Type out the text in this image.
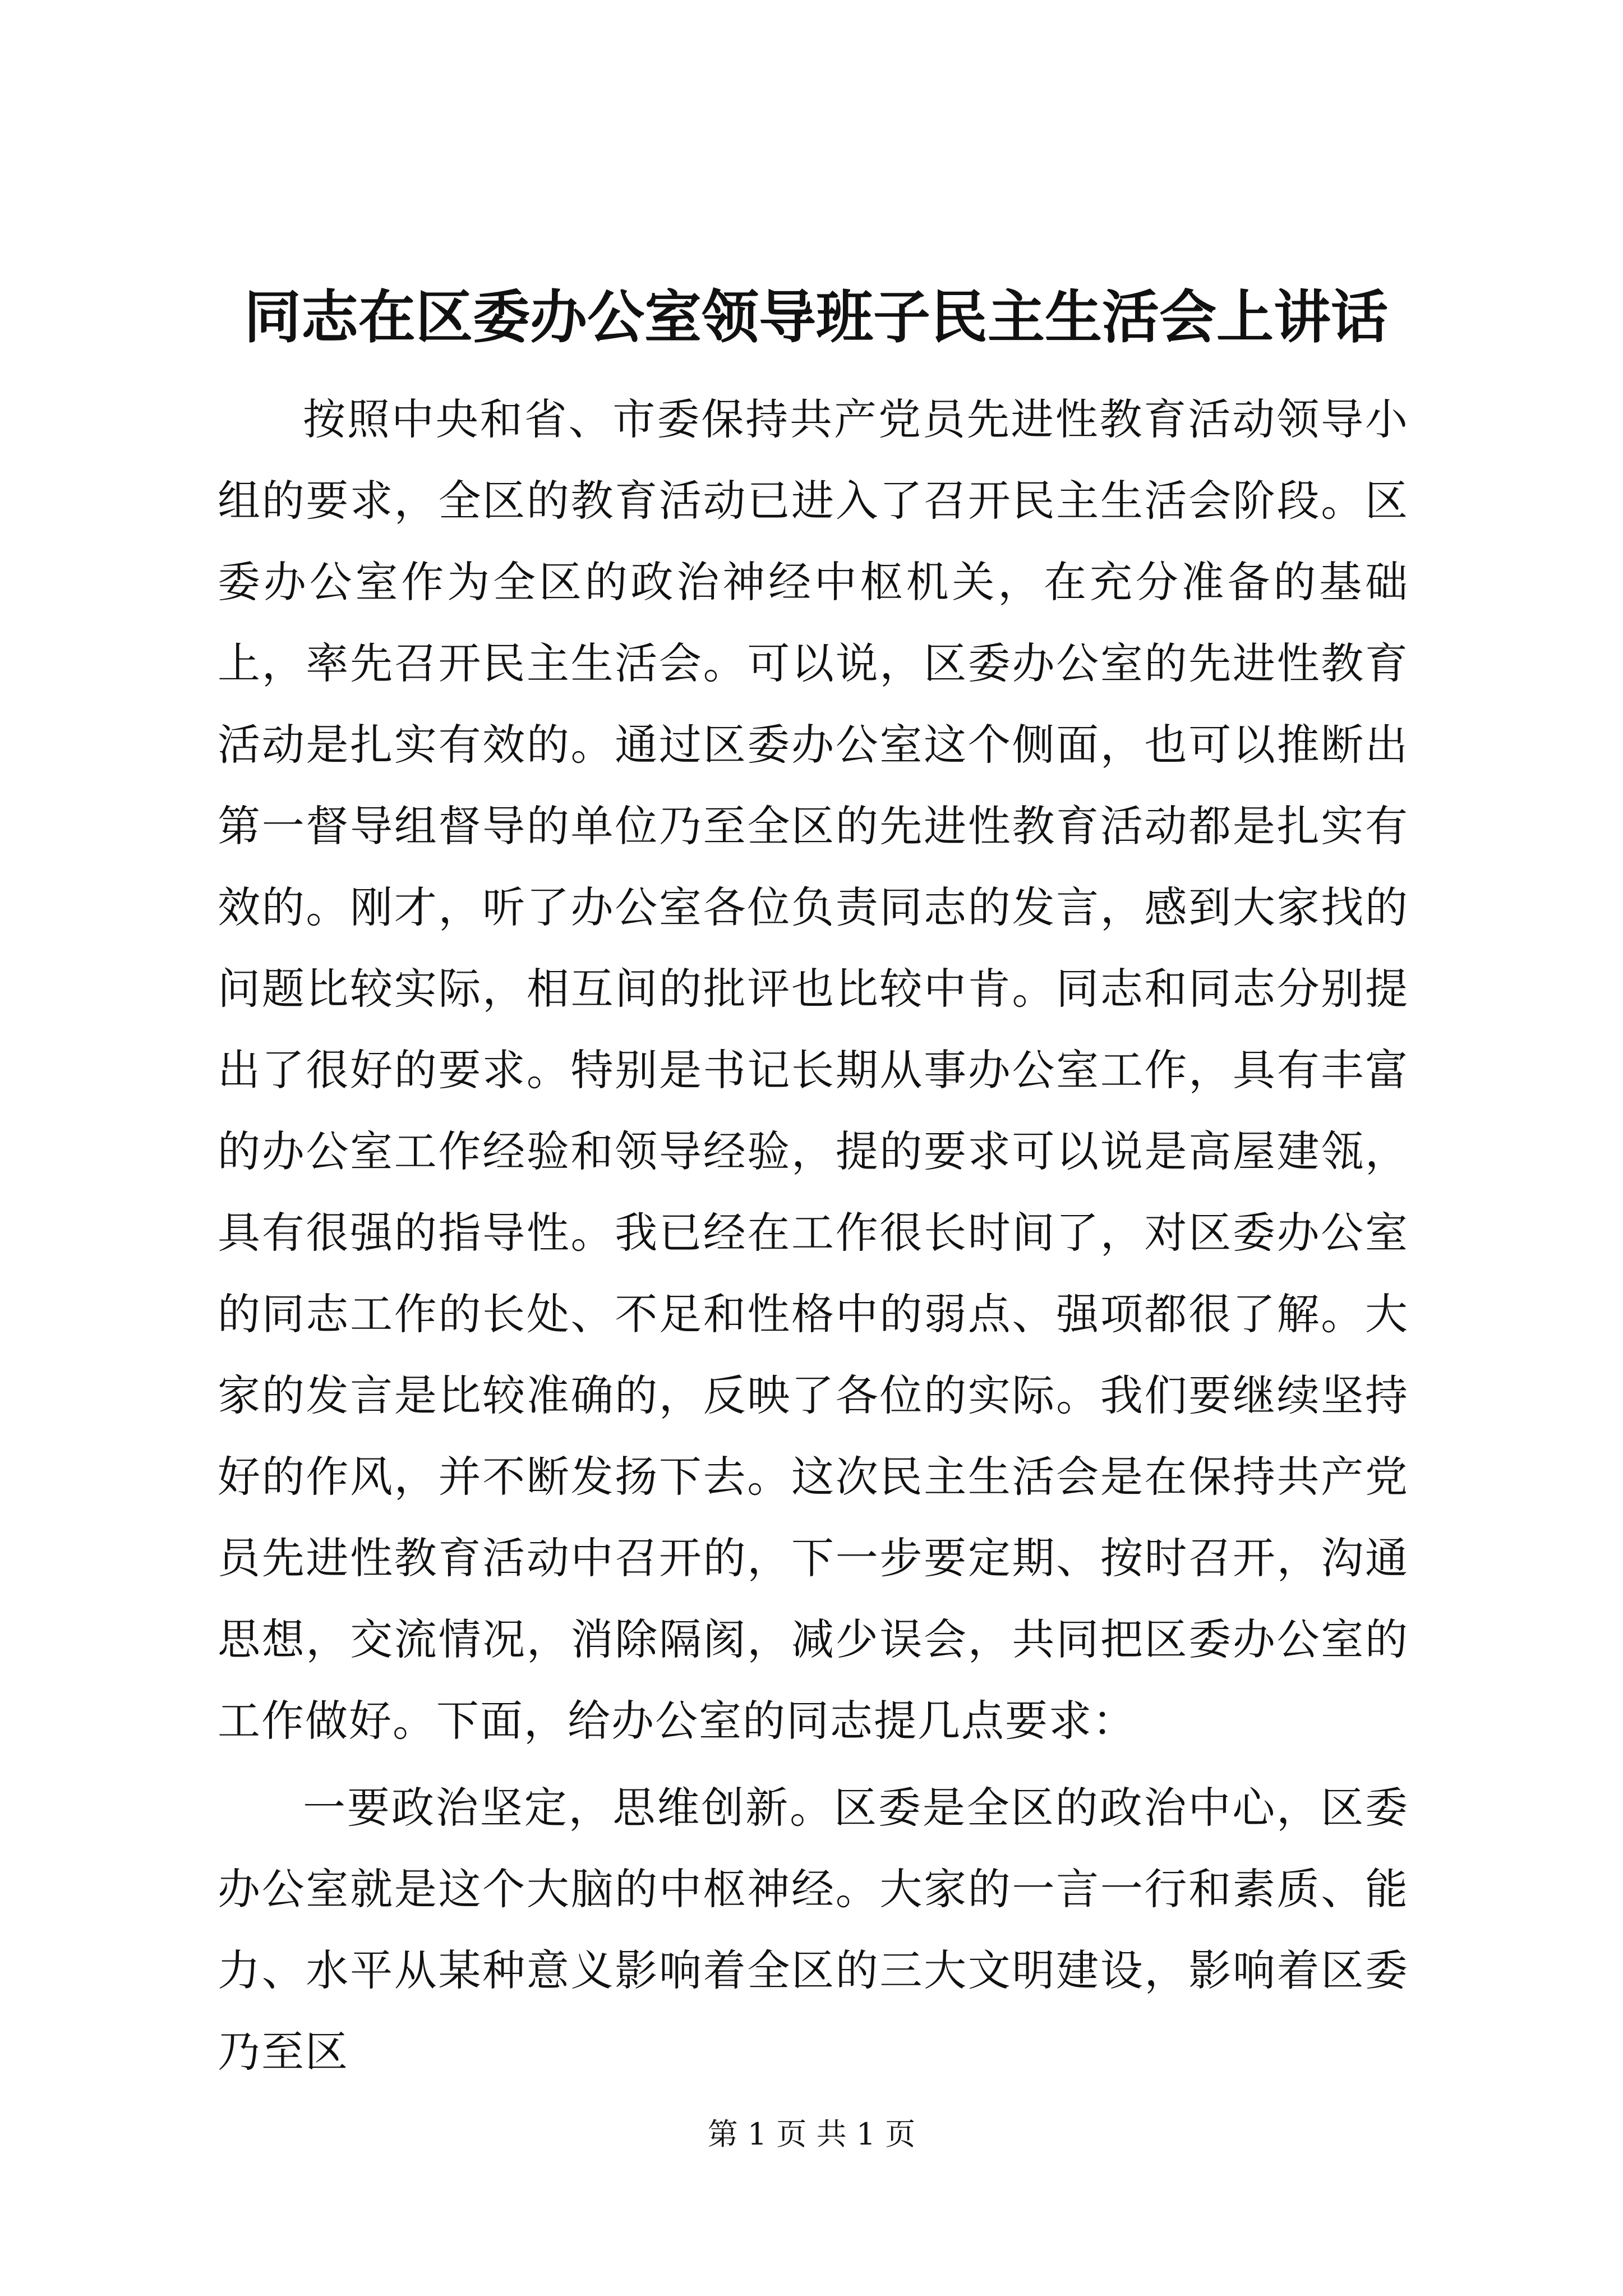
同志在区委办公室领导班子民主生活会上讲话

按照中央和省、市委保持共产党员先进性教育活动领导小组的要求，全区的教育活动已进入了召开民主生活会阶段。区委办公室作为全区的政治神经中枢机关，在充分准备的基础上，率先召开民主生活会。可以说，区委办公室的先进性教育活动是扎实有效的。通过区委办公室这个侧面，也可以推断出第一督导组督导的单位乃至全区的先进性教育活动都是扎实有效的。刚才，听了办公室各位负责同志的发言，感到大家找的问题比较实际，相互间的批评也比较中肯。同志和同志分别提出了很好的要求。特别是书记长期从事办公室工作，具有丰富的办公室工作经验和领导经验，提的要求可以说是高屋建瓴，具有很强的指导性。我已经在工作很长时间了，对区委办公室的同志工作的长处、不足和性格中的弱点、强项都很了解。大家的发言是比较准确的，反映了各位的实际。我们要继续坚持好的作风，并不断发扬下去。这次民主生活会是在保持共产党员先进性教育活动中召开的，下一步要定期、按时召开，沟通思想，交流情况，消除隔阂，减少误会，共同把区委办公室的工作做好。下面，给办公室的同志提几点要求：

一要政治坚定，思维创新。区委是全区的政治中心，区委办公室就是这个大脑的中枢神经。大家的一言一行和素质、能力、水平从某种意义影响着全区的三大文明建设，影响着区委乃至区

第 1 页 共 1 页
